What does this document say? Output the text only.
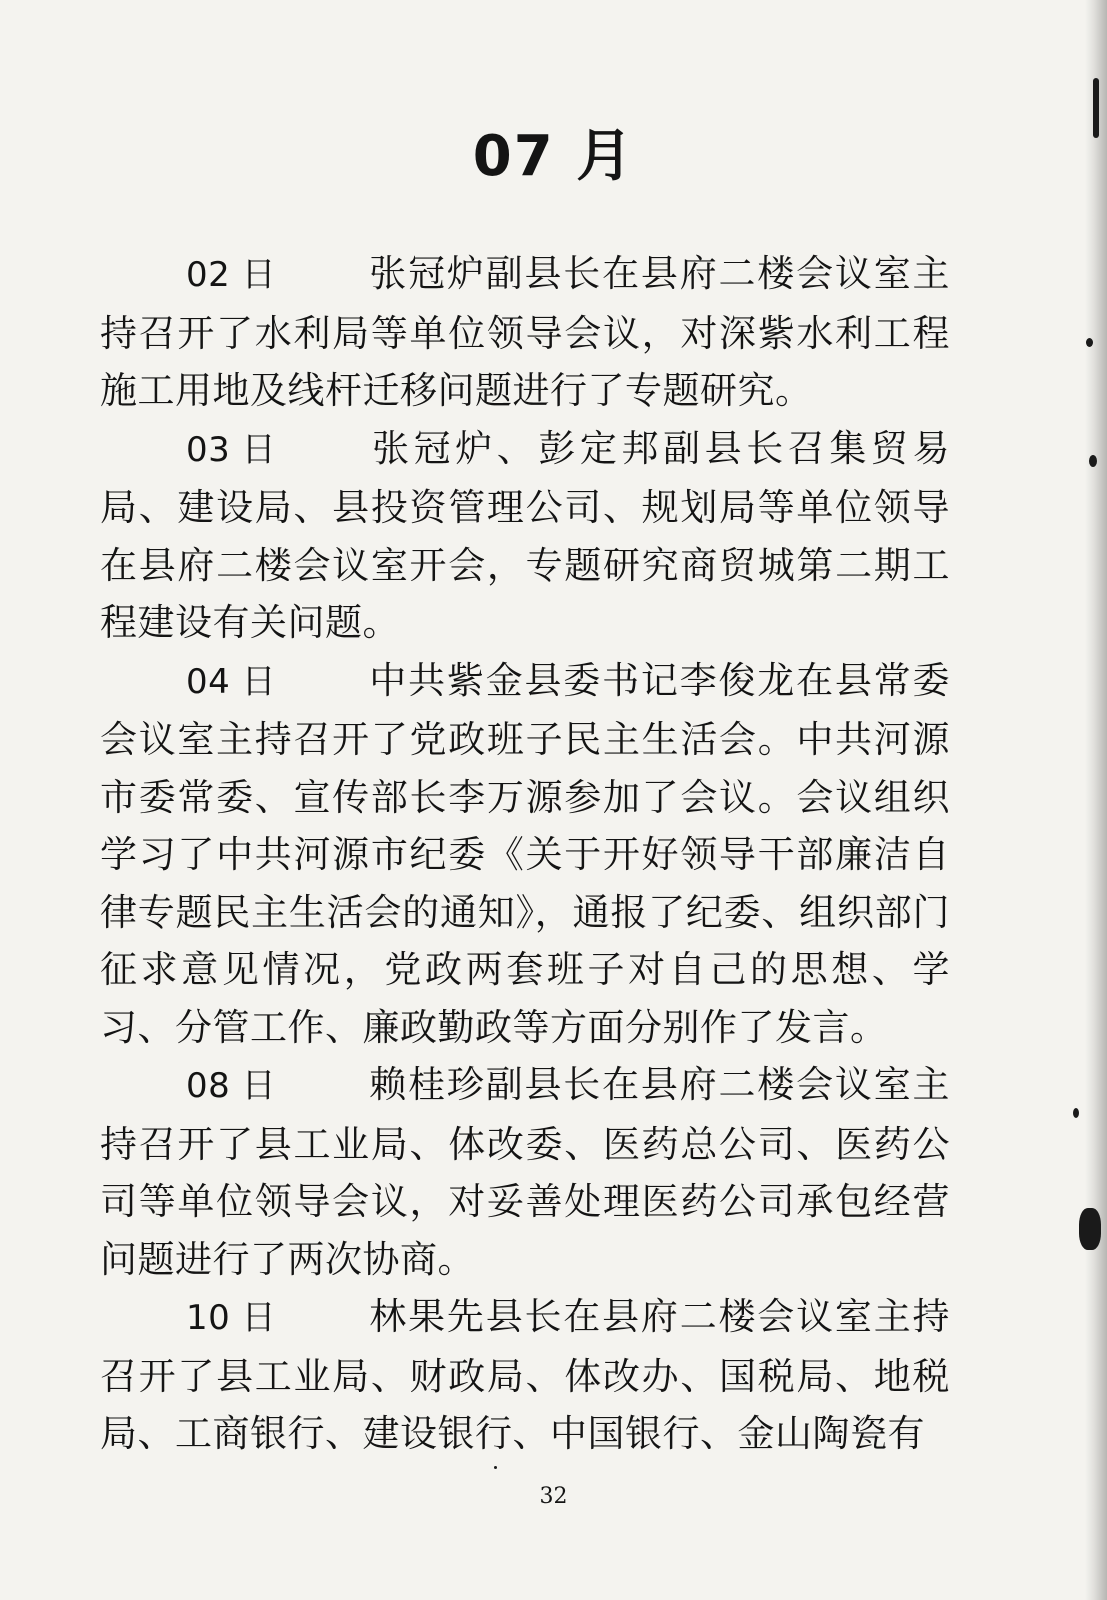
07 月

02 日 张冠炉副县长在县府二楼会议室主持召开了水利局等单位领导会议，对深紫水利工程施工用地及线杆迁移问题进行了专题研究。

03 日 张冠炉、彭定邦副县长召集贸易局、建设局、县投资管理公司、规划局等单位领导在县府二楼会议室开会，专题研究商贸城第二期工程建设有关问题。

04 日 中共紫金县委书记李俊龙在县常委会议室主持召开了党政班子民主生活会。中共河源市委常委、宣传部长李万源参加了会议。会议组织学习了中共河源市纪委《关于开好领导干部廉洁自律专题民主生活会的通知》，通报了纪委、组织部门征求意见情况，党政两套班子对自己的思想、学习、分管工作、廉政勤政等方面分别作了发言。

08 日 赖桂珍副县长在县府二楼会议室主持召开了县工业局、体改委、医药总公司、医药公司等单位领导会议，对妥善处理医药公司承包经营问题进行了两次协商。

10 日 林果先县长在县府二楼会议室主持召开了县工业局、财政局、体改办、国税局、地税局、工商银行、建设银行、中国银行、金山陶瓷有

32
